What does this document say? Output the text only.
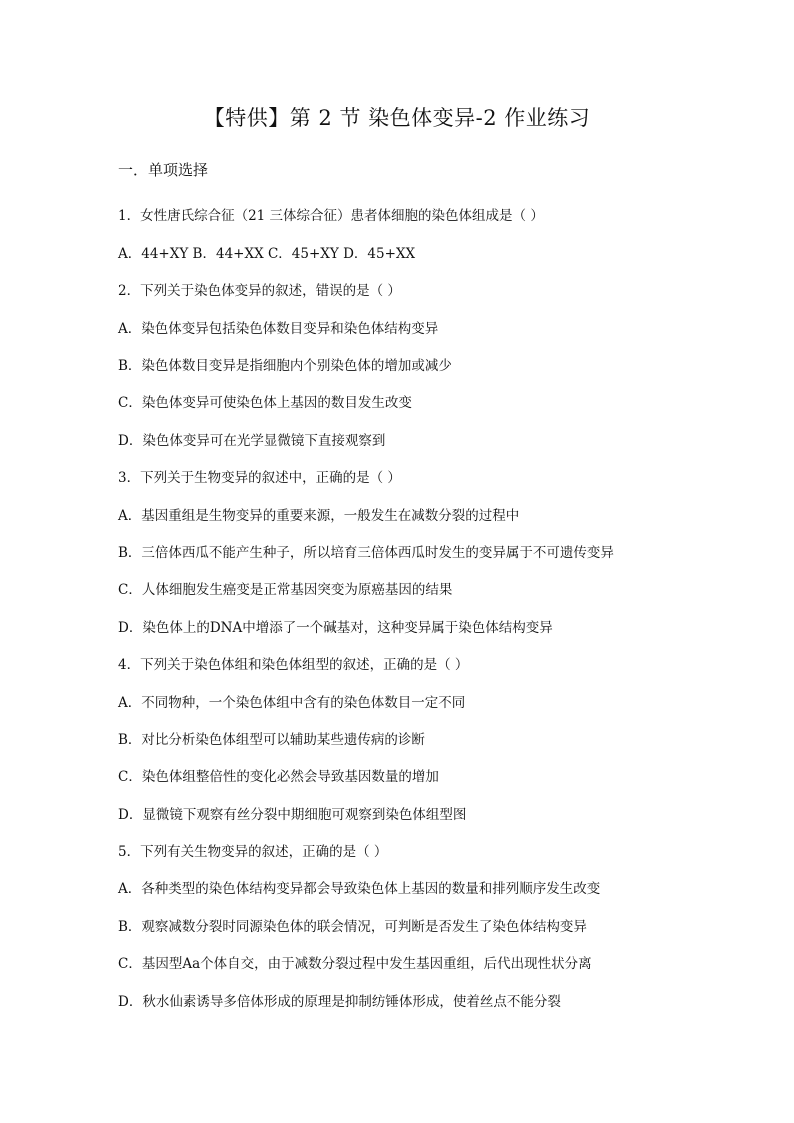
【特供】第 2 节 染色体变异-2 作业练习
一．单项选择
1．女性唐氏综合征（21 三体综合征）患者体细胞的染色体组成是（ ）
A．44+XY B．44+XX C．45+XY D．45+XX
2．下列关于染色体变异的叙述，错误的是（ ）
A．染色体变异包括染色体数目变异和染色体结构变异
B．染色体数目变异是指细胞内个别染色体的增加或减少
C．染色体变异可使染色体上基因的数目发生改变
D．染色体变异可在光学显微镜下直接观察到
3．下列关于生物变异的叙述中，正确的是（ ）
A．基因重组是生物变异的重要来源，一般发生在减数分裂的过程中
B．三倍体西瓜不能产生种子，所以培育三倍体西瓜时发生的变异属于不可遗传变异
C．人体细胞发生癌变是正常基因突变为原癌基因的结果
D．染色体上的DNA中增添了一个碱基对，这种变异属于染色体结构变异
4．下列关于染色体组和染色体组型的叙述，正确的是（ ）
A．不同物种，一个染色体组中含有的染色体数目一定不同
B．对比分析染色体组型可以辅助某些遗传病的诊断
C．染色体组整倍性的变化必然会导致基因数量的增加
D．显微镜下观察有丝分裂中期细胞可观察到染色体组型图
5．下列有关生物变异的叙述，正确的是（ ）
A．各种类型的染色体结构变异都会导致染色体上基因的数量和排列顺序发生改变
B．观察减数分裂时同源染色体的联会情况，可判断是否发生了染色体结构变异
C．基因型Aa个体自交，由于减数分裂过程中发生基因重组，后代出现性状分离
D．秋水仙素诱导多倍体形成的原理是抑制纺锤体形成，使着丝点不能分裂
